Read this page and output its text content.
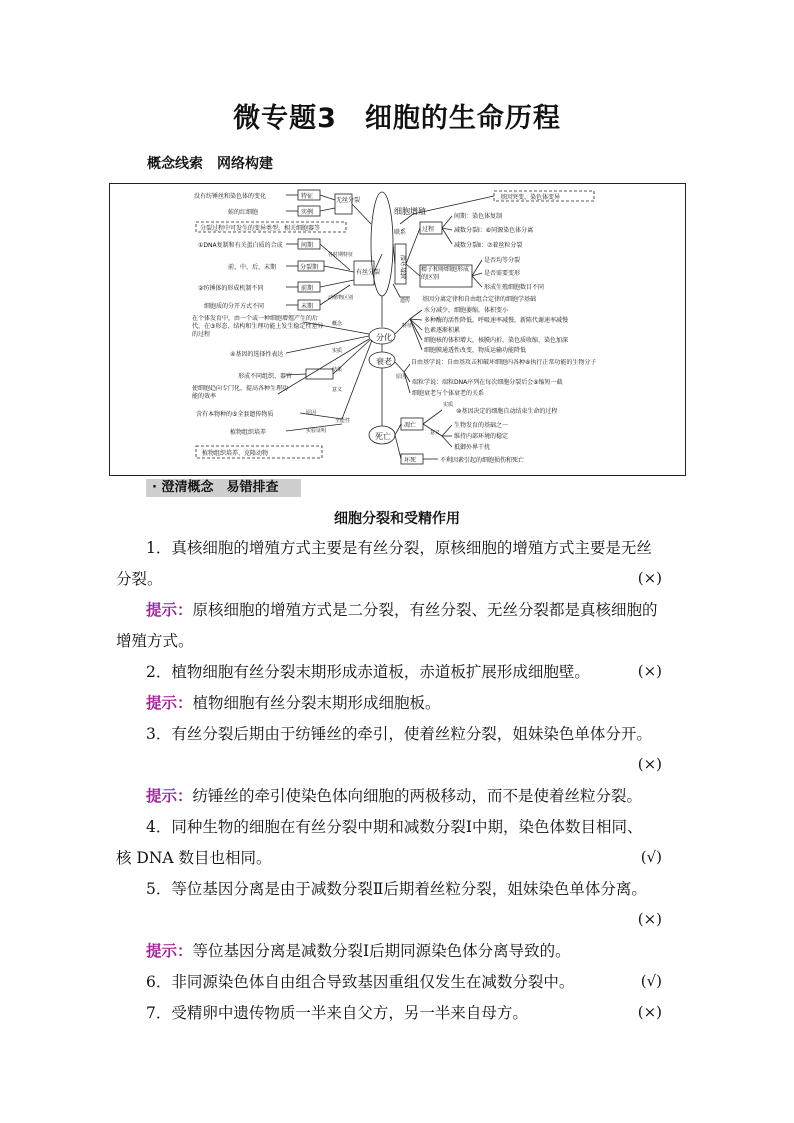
微专题3　细胞的生命历程
概念线索　网络构建
细胞增殖
分化
衰老
死亡
联系
没有纺锤丝和染色体的变化
无丝分裂
特征
蛙的红细胞	实例
分裂过程中可发生的变异类型，相关细胞器等
①DNA复制和有关蛋白质的合成	间期
前、中、后、末期	分裂期
有丝分裂
各时期特征
②纺锤体的形成机制不同	前期
动植物区别
细胞质的分开方式不同	末期
在个体发育中，由一个或一种细胞增殖产生的后代，在③形态、结构和生理功能上发生稳定性差异的过程
概念
④基因的选择性表达	实质
形成不同组织、器官
结果
使细胞趋向专门化，提高各种生理功能的效率
意义
含有本物种的⑤全套遗传物质	原因
植物组织培养	实验证明
全能性
植物组织培养、克隆动物
基因突变、染色体变异
过程
间期：染色体复制
减数分裂Ⅰ：⑥同源染色体分离
减数分裂Ⅱ：⑦着丝粒分裂
减数分裂 精子和卵细胞形成的区别
是否均等分裂
是否需要变形
形成生殖细胞数目不同
遗传 基因分离定律和自由组合定律的细胞学基础
特征
水分减少，细胞萎缩，体积变小
多种酶的活性降低，呼吸速率减慢，新陈代谢速率减慢
色素逐渐积累
细胞核的体积增大，核膜内折，染色质收缩、染色加深
细胞膜通透性改变，物质运输功能降低
原因
自由基学说：自由基攻击和破坏细胞内各种⑧执行正常功能的生物分子
端粒学说：端粒DNA序列在每次细胞分裂后会⑨缩短一截
细胞衰老与个体衰老的关系
凋亡
实质
⑩基因决定的细胞自动结束生命的过程
意义
生物发育的基础之一
维持内部环境的稳定
抵御外界干扰
坏死	不利因素引起的细胞损伤和死亡
· 澄清概念　易错排查
细胞分裂和受精作用
1．真核细胞的增殖方式主要是有丝分裂，原核细胞的增殖方式主要是无丝
分裂。	(×)
提示：原核细胞的增殖方式是二分裂，有丝分裂、无丝分裂都是真核细胞的
增殖方式。
2．植物细胞有丝分裂末期形成赤道板，赤道板扩展形成细胞壁。	(×)
提示：植物细胞有丝分裂末期形成细胞板。
3．有丝分裂后期由于纺锤丝的牵引，使着丝粒分裂，姐妹染色单体分开。
(×)
提示：纺锤丝的牵引使染色体向细胞的两极移动，而不是使着丝粒分裂。
4．同种生物的细胞在有丝分裂中期和减数分裂Ⅰ中期，染色体数目相同、
核 DNA 数目也相同。	(√)
5．等位基因分离是由于减数分裂Ⅱ后期着丝粒分裂，姐妹染色单体分离。
(×)
提示：等位基因分离是减数分裂Ⅰ后期同源染色体分离导致的。
6．非同源染色体自由组合导致基因重组仅发生在减数分裂中。	(√)
7．受精卵中遗传物质一半来自父方，另一半来自母方。	(×)
